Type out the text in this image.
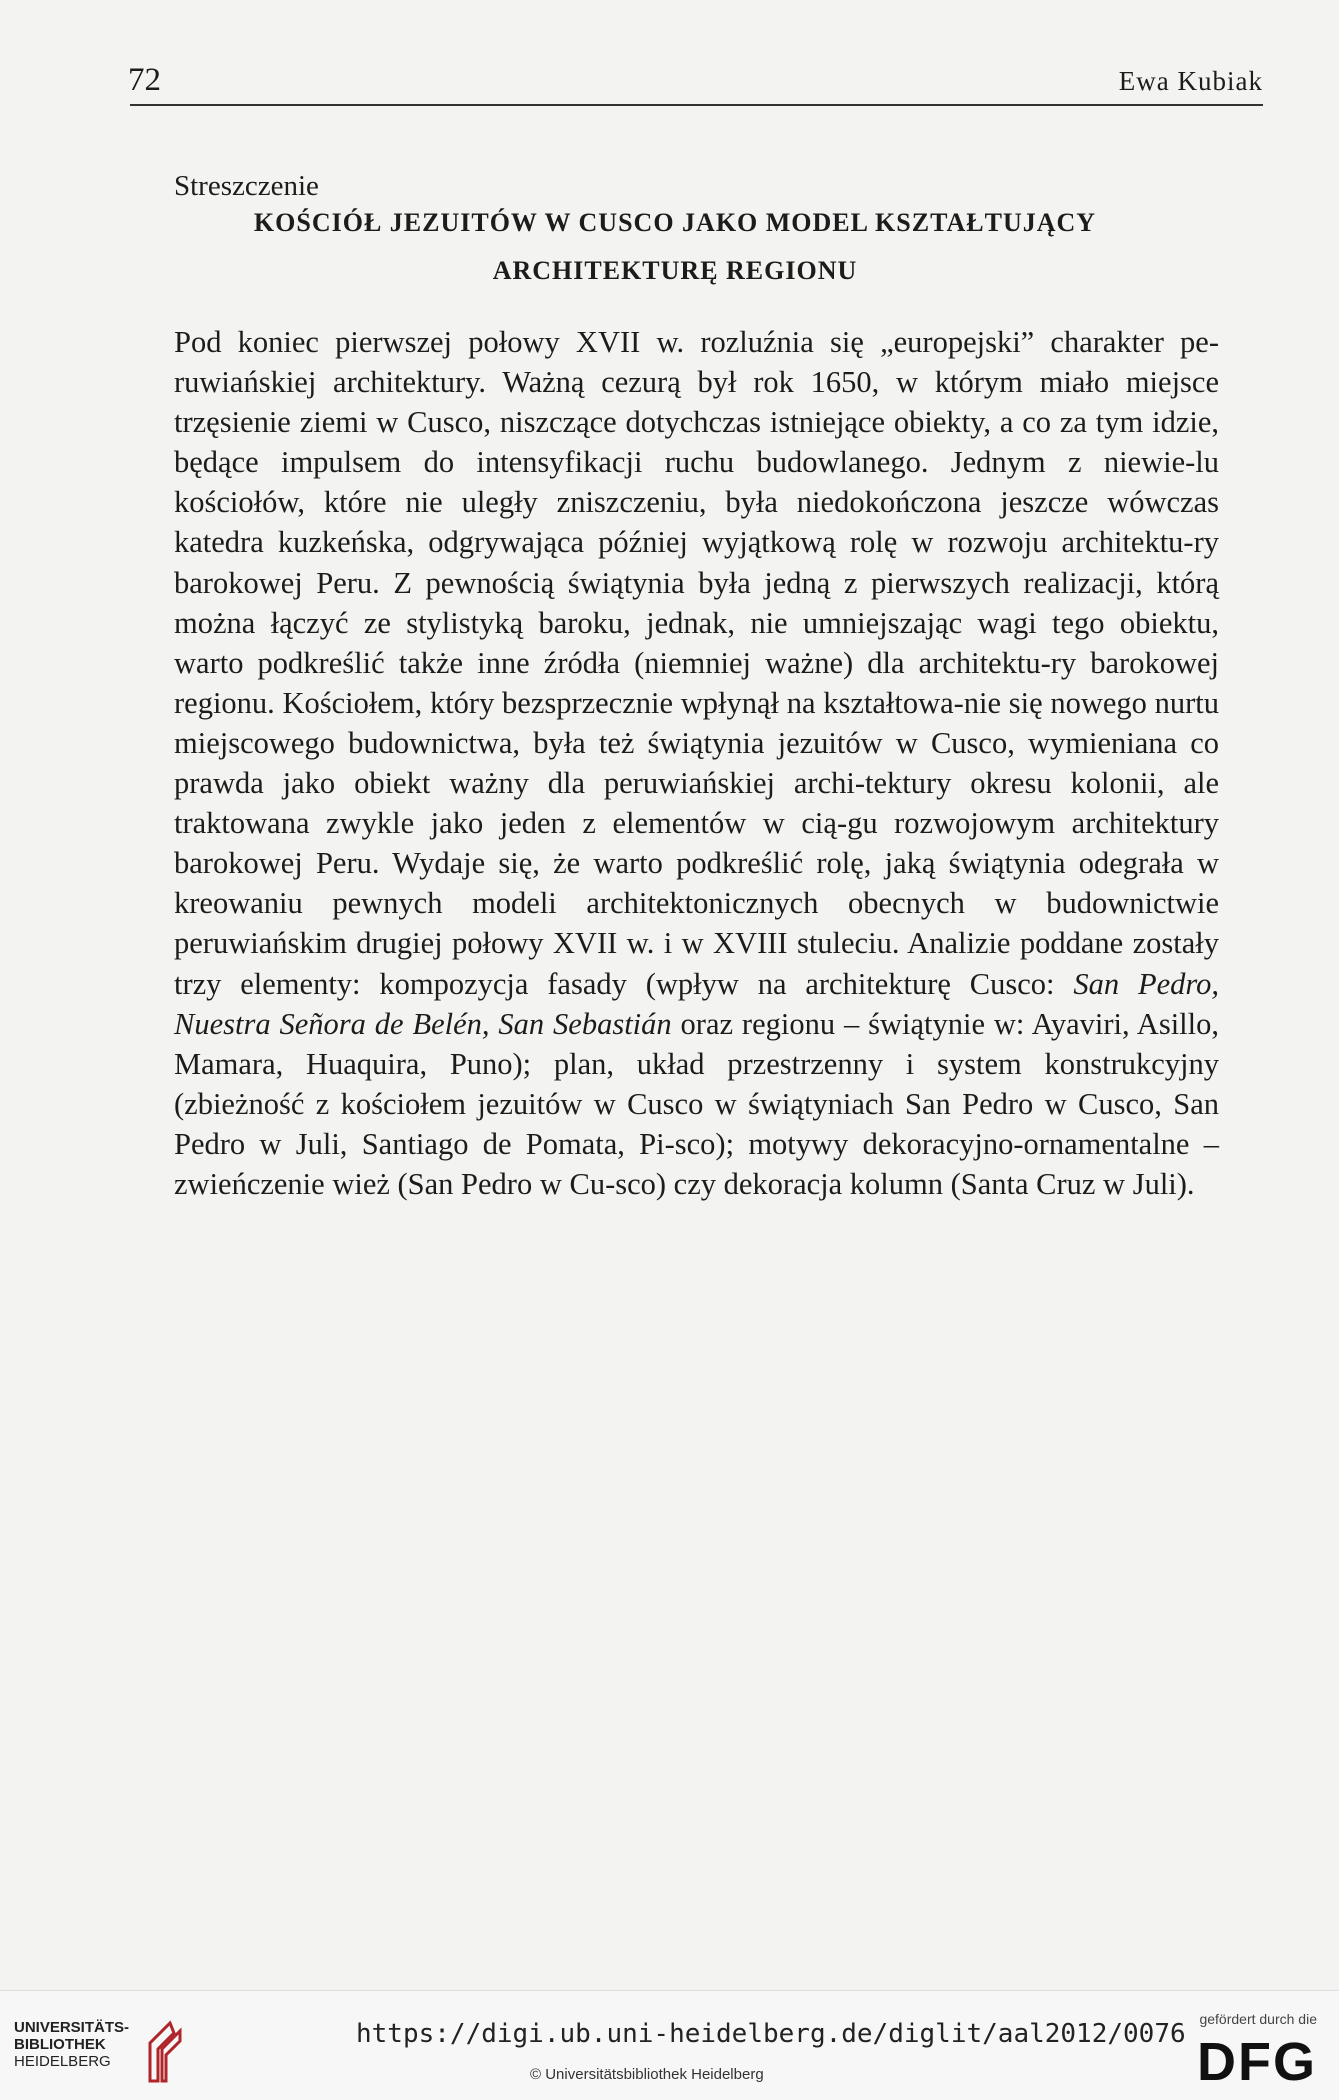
72	Ewa Kubiak
Streszczenie
KOŚCIÓŁ JEZUITÓW W CUSCO JAKO MODEL KSZTAŁTUJĄCY
ARCHITEKTURĘ REGIONU
Pod koniec pierwszej połowy XVII w. rozluźnia się „europejski” charakter pe-ruwiańskiej architektury. Ważną cezurą był rok 1650, w którym miało miejsce trzęsienie ziemi w Cusco, niszczące dotychczas istniejące obiekty, a co za tym idzie, będące impulsem do intensyfikacji ruchu budowlanego. Jednym z niewie-lu kościołów, które nie uległy zniszczeniu, była niedokończona jeszcze wówczas katedra kuzkeńska, odgrywająca później wyjątkową rolę w rozwoju architektu-ry barokowej Peru. Z pewnością świątynia była jedną z pierwszych realizacji, którą można łączyć ze stylistyką baroku, jednak, nie umniejszając wagi tego obiektu, warto podkreślić także inne źródła (niemniej ważne) dla architektu-ry barokowej regionu. Kościołem, który bezsprzecznie wpłynął na kształtowa-nie się nowego nurtu miejscowego budownictwa, była też świątynia jezuitów w Cusco, wymieniana co prawda jako obiekt ważny dla peruwiańskiej archi-tektury okresu kolonii, ale traktowana zwykle jako jeden z elementów w cią-gu rozwojowym architektury barokowej Peru. Wydaje się, że warto podkreślić rolę, jaką świątynia odegrała w kreowaniu pewnych modeli architektonicznych obecnych w budownictwie peruwiańskim drugiej połowy XVII w. i w XVIII stuleciu. Analizie poddane zostały trzy elementy: kompozycja fasady (wpływ na architekturę Cusco: San Pedro, Nuestra Señora de Belén, San Sebastián oraz regionu – świątynie w: Ayaviri, Asillo, Mamara, Huaquira, Puno); plan, układ przestrzenny i system konstrukcyjny (zbieżność z kościołem jezuitów w Cusco w świątyniach San Pedro w Cusco, San Pedro w Juli, Santiago de Pomata, Pi-sco); motywy dekoracyjno-ornamentalne – zwieńczenie wież (San Pedro w Cu-sco) czy dekoracja kolumn (Santa Cruz w Juli).
UNIVERSITÄTS-
BIBLIOTHEK
HEIDELBERG
https://digi.ub.uni-heidelberg.de/diglit/aal2012/0076
© Universitätsbibliothek Heidelberg
gefördert durch die
DFG
